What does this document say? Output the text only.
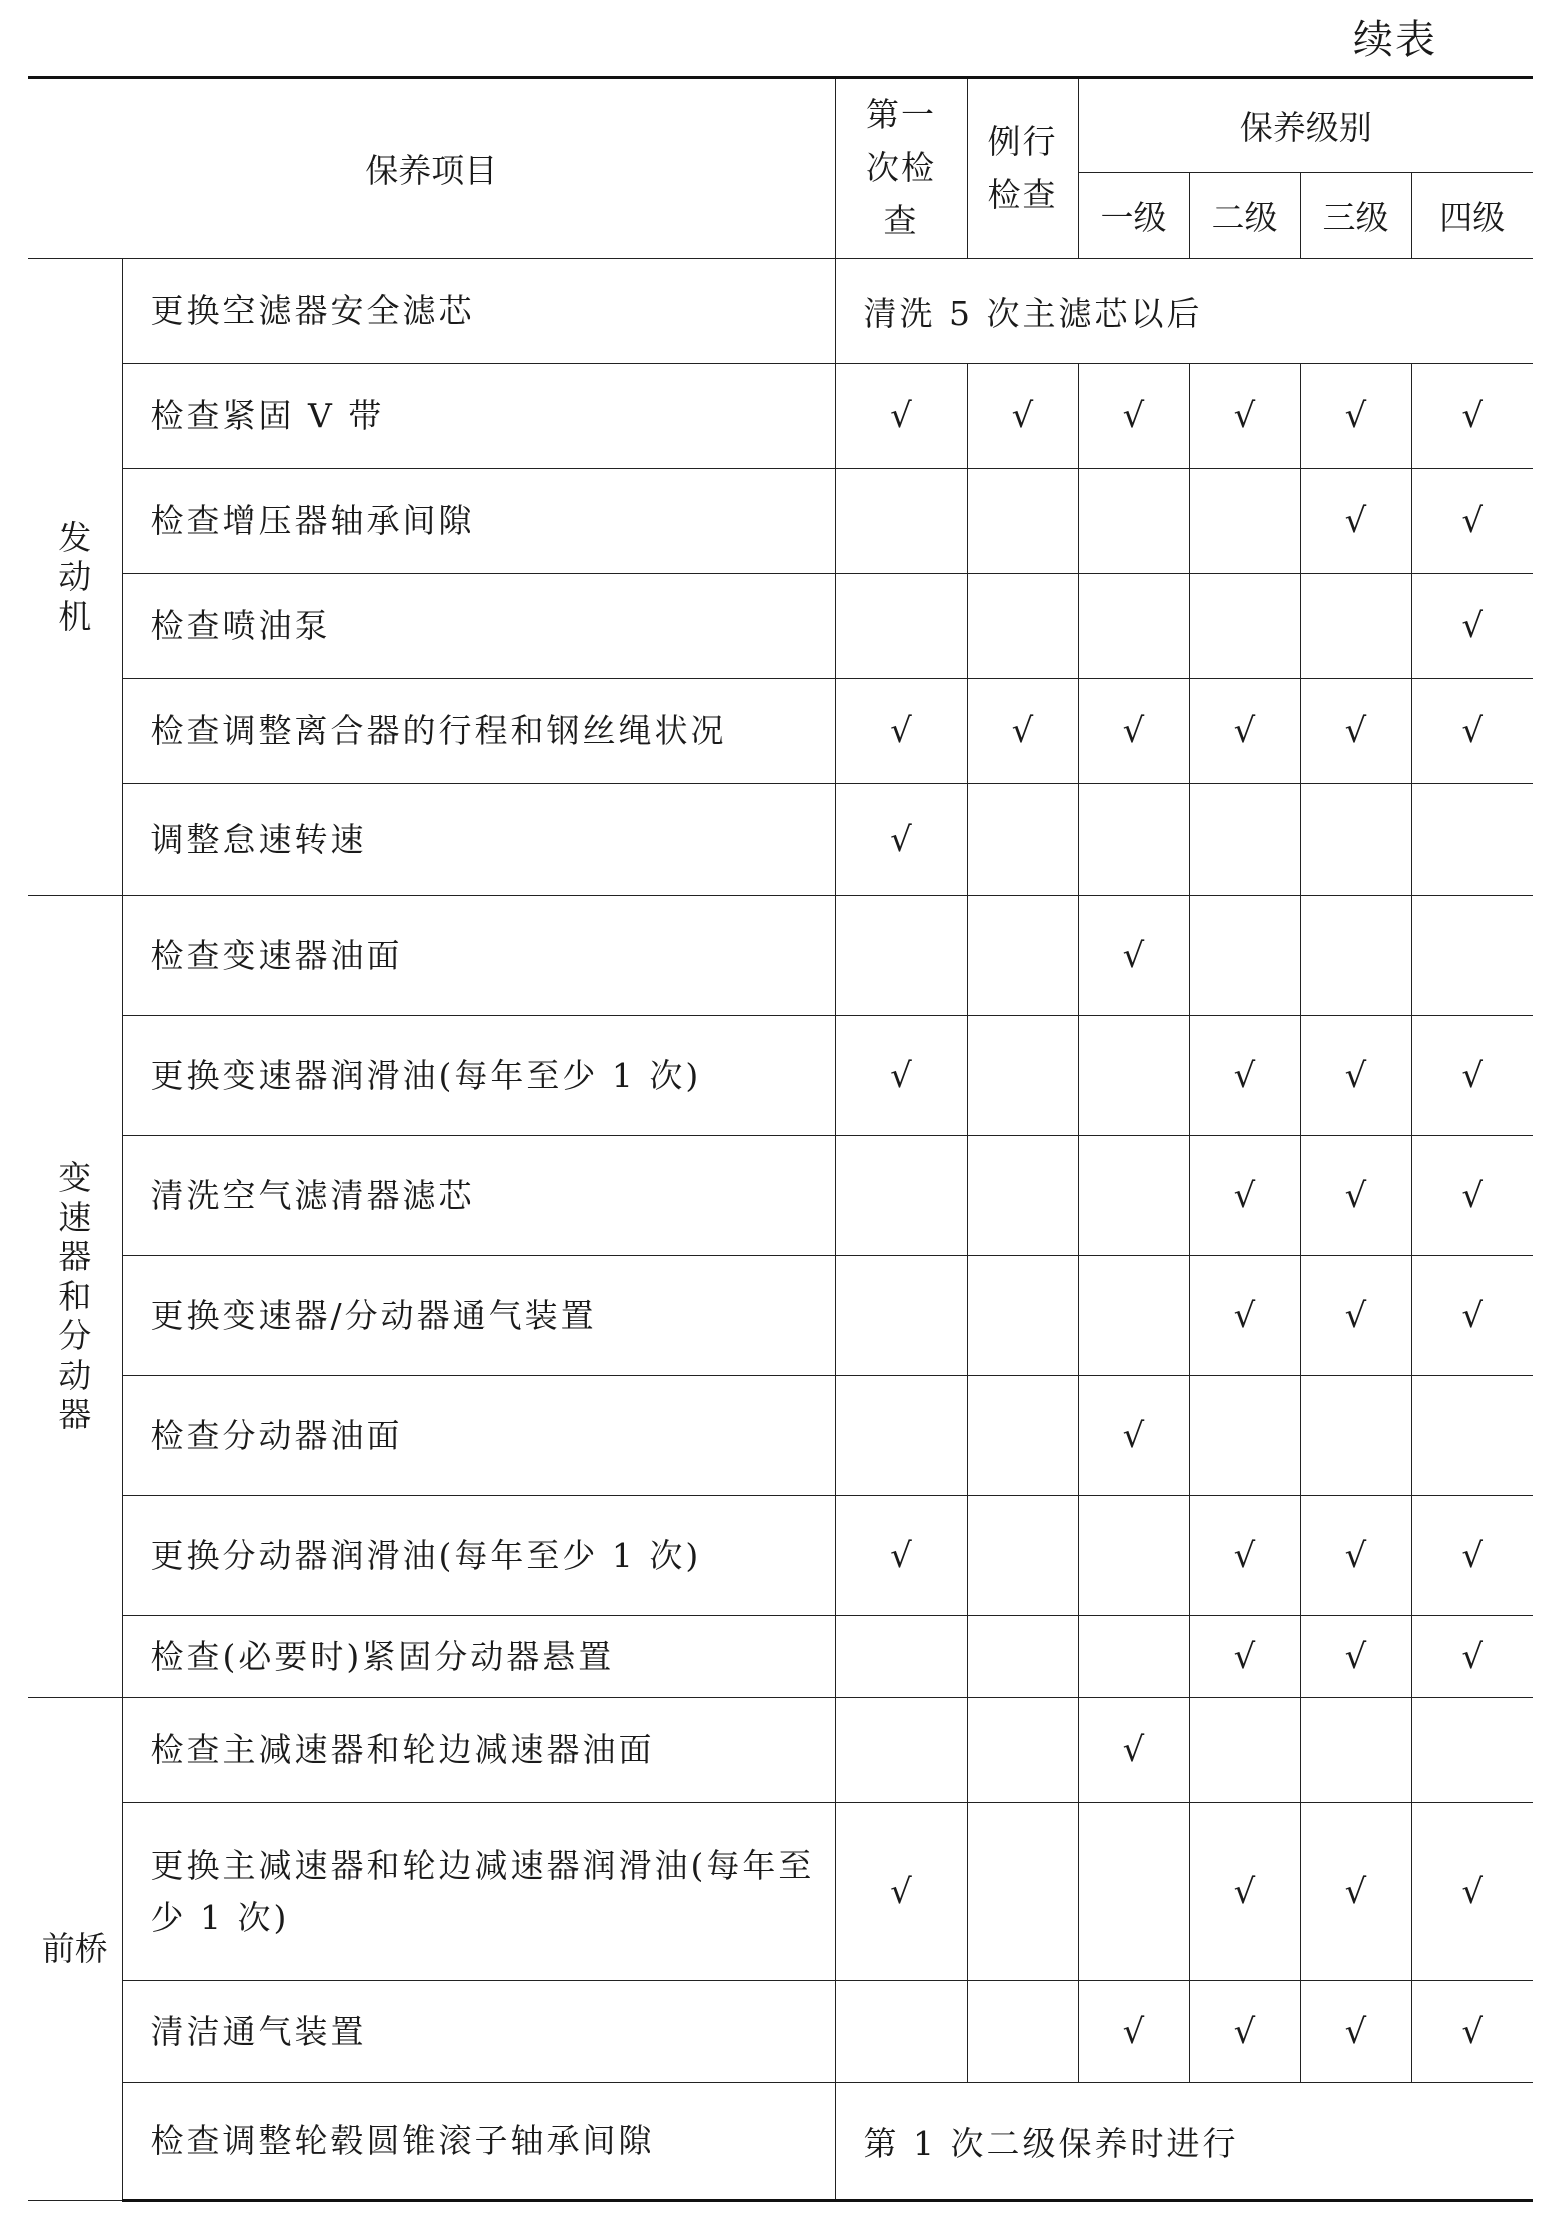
续表
保养项目		第一次检查	例行检查	保养级别			
				一级	二级	三级	四级
发动机	更换空滤器安全滤芯	清洗 5 次主滤芯以后					
	检查紧固 V 带	√	√	√	√	√	√
	检查增压器轴承间隙					√	√
	检查喷油泵						√
	检查调整离合器的行程和钢丝绳状况	√	√	√	√	√	√
	调整怠速转速	√					
变速器和分动器	检查变速器油面			√			
	更换变速器润滑油(每年至少 1 次)	√			√	√	√
	清洗空气滤清器滤芯				√	√	√
	更换变速器/分动器通气装置				√	√	√
	检查分动器油面			√			
	更换分动器润滑油(每年至少 1 次)	√			√	√	√
	检查(必要时)紧固分动器悬置				√	√	√
前桥	检查主减速器和轮边减速器油面			√			
	更换主减速器和轮边减速器润滑油(每年至少 1 次)	√			√	√	√
	清洁通气装置			√	√	√	√
	检查调整轮毂圆锥滚子轴承间隙	第 1 次二级保养时进行					
